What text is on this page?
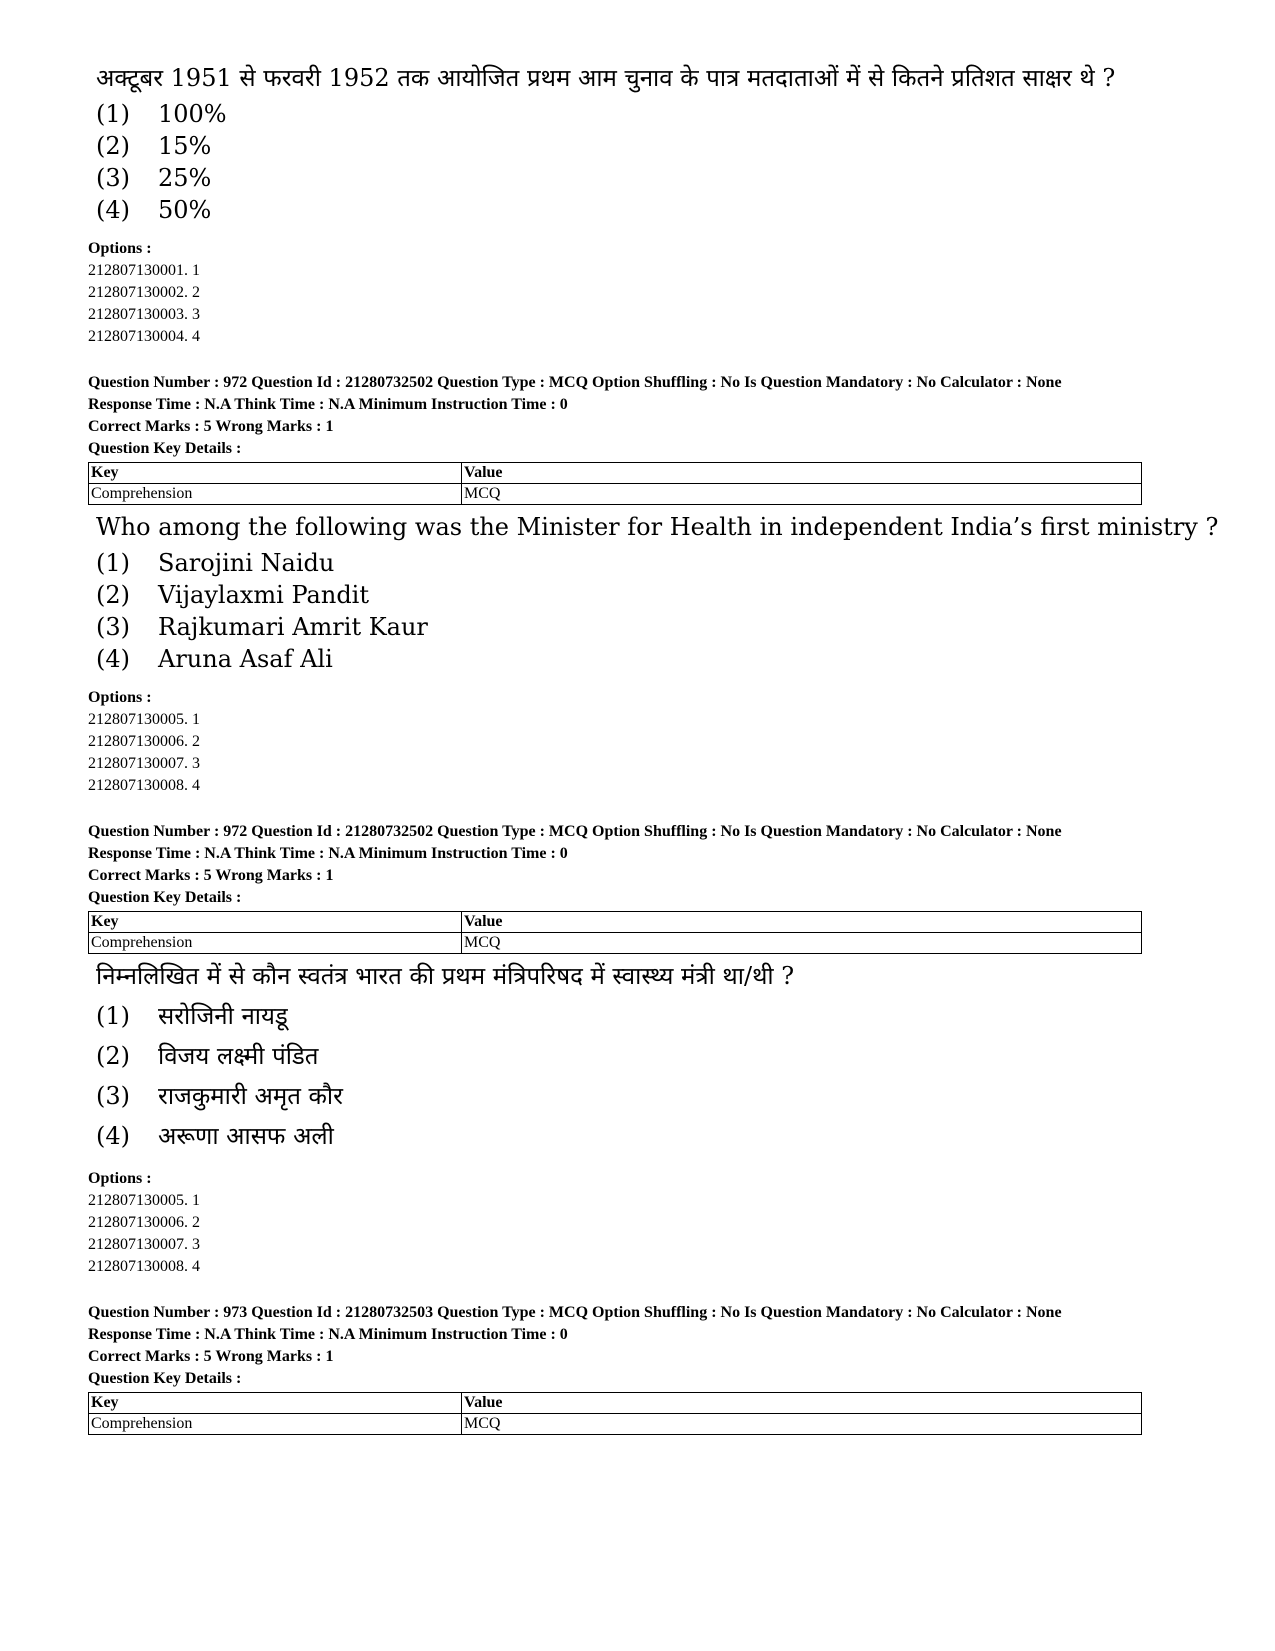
अक्टूबर 1951 से फरवरी 1952 तक आयोजित प्रथम आम चुनाव के पात्र मतदाताओं में से कितने प्रतिशत साक्षर थे ?
(1)	100%
(2)	15%
(3)	25%
(4)	50%
Options :
212807130001. 1
212807130002. 2
212807130003. 3
212807130004. 4
Question Number : 972 Question Id : 21280732502 Question Type : MCQ Option Shuffling : No Is Question Mandatory : No Calculator : None
Response Time : N.A Think Time : N.A Minimum Instruction Time : 0
Correct Marks : 5 Wrong Marks : 1
Question Key Details :
Key	Value
Comprehension	MCQ
Who among the following was the Minister for Health in independent India’s first ministry ?
(1)	Sarojini Naidu
(2)	Vijaylaxmi Pandit
(3)	Rajkumari Amrit Kaur
(4)	Aruna Asaf Ali
Options :
212807130005. 1
212807130006. 2
212807130007. 3
212807130008. 4
Question Number : 972 Question Id : 21280732502 Question Type : MCQ Option Shuffling : No Is Question Mandatory : No Calculator : None
Response Time : N.A Think Time : N.A Minimum Instruction Time : 0
Correct Marks : 5 Wrong Marks : 1
Question Key Details :
Key	Value
Comprehension	MCQ
निम्नलिखित में से कौन स्वतंत्र भारत की प्रथम मंत्रिपरिषद में स्वास्थ्य मंत्री था/थी ?
(1)	सरोजिनी नायडू
(2)	विजय लक्ष्मी पंडित
(3)	राजकुमारी अमृत कौर
(4)	अरूणा आसफ अली
Options :
212807130005. 1
212807130006. 2
212807130007. 3
212807130008. 4
Question Number : 973 Question Id : 21280732503 Question Type : MCQ Option Shuffling : No Is Question Mandatory : No Calculator : None
Response Time : N.A Think Time : N.A Minimum Instruction Time : 0
Correct Marks : 5 Wrong Marks : 1
Question Key Details :
Key	Value
Comprehension	MCQ
